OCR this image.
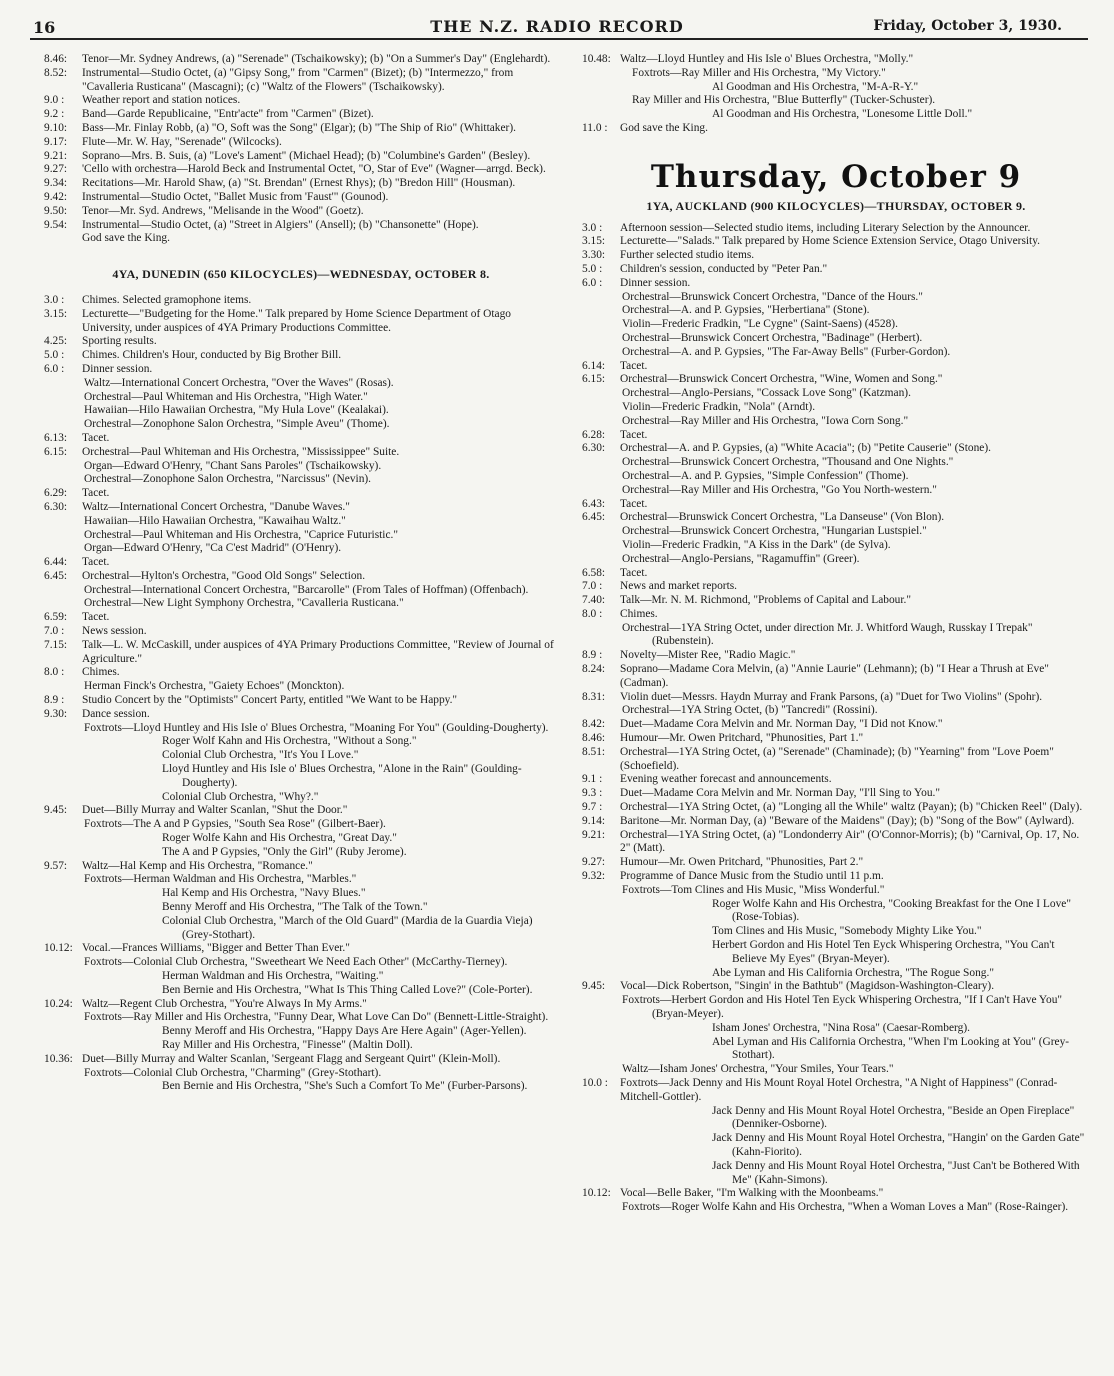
16	THE N.Z. RADIO RECORD	Friday, October 3, 1930.
8.46: Tenor—Mr. Sydney Andrews, (a) "Serenade" (Tschaikowsky); (b) "On a Summer's Day" (Englehardt).
8.52: Instrumental—Studio Octet, (a) "Gipsy Song," from "Carmen" (Bizet); (b) "Intermezzo," from "Cavalleria Rusticana" (Mascagni); (c) "Waltz of the Flowers" (Tschaikowsky).
9.0 : Weather report and station notices.
9.2 : Band—Garde Republicaine, "Entr'acte" from "Carmen" (Bizet).
9.10: Bass—Mr. Finlay Robb, (a) "O, Soft was the Song" (Elgar); (b) "The Ship of Rio" (Whittaker).
9.17: Flute—Mr. W. Hay, "Serenade" (Wilcocks).
9.21: Soprano—Mrs. B. Suis, (a) "Love's Lament" (Michael Head); (b) "Columbine's Garden" (Besley).
9.27: 'Cello with orchestra—Harold Beck and Instrumental Octet, "O, Star of Eve" (Wagner—arrgd. Beck).
9.34: Recitations—Mr. Harold Shaw, (a) "St. Brendan" (Ernest Rhys); (b) "Bredon Hill" (Housman).
9.42: Instrumental—Studio Octet, "Ballet Music from 'Faust'" (Gounod).
9.50: Tenor—Mr. Syd. Andrews, "Melisande in the Wood" (Goetz).
9.54: Instrumental—Studio Octet, (a) "Street in Algiers" (Ansell); (b) "Chansonette" (Hope).
God save the King.
4YA, DUNEDIN (650 KILOCYCLES)—WEDNESDAY, OCTOBER 8.
3.0 : Chimes. Selected gramophone items.
3.15: Lecturette—"Budgeting for the Home." Talk prepared by Home Science Department of Otago University, under auspices of 4YA Primary Productions Committee.
4.25: Sporting results.
5.0 : Chimes. Children's Hour, conducted by Big Brother Bill.
6.0 : Dinner session.
Waltz—International Concert Orchestra, "Over the Waves" (Rosas).
Orchestral—Paul Whiteman and His Orchestra, "High Water."
Hawaiian—Hilo Hawaiian Orchestra, "My Hula Love" (Kealakai).
Orchestral—Zonophone Salon Orchestra, "Simple Aveu" (Thome).
6.13: Tacet.
6.15: Orchestral—Paul Whiteman and His Orchestra, "Mississippee" Suite.
Organ—Edward O'Henry, "Chant Sans Paroles" (Tschaikowsky).
Orchestral—Zonophone Salon Orchestra, "Narcissus" (Nevin).
6.29: Tacet.
6.30: Waltz—International Concert Orchestra, "Danube Waves."
Hawaiian—Hilo Hawaiian Orchestra, "Kawaihau Waltz."
Orchestral—Paul Whiteman and His Orchestra, "Caprice Futuristic."
Organ—Edward O'Henry, "Ca C'est Madrid" (O'Henry).
6.44: Tacet.
6.45: Orchestral—Hylton's Orchestra, "Good Old Songs" Selection.
Orchestral—International Concert Orchestra, "Barcarolle" (From Tales of Hoffman) (Offenbach).
Orchestral—New Light Symphony Orchestra, "Cavalleria Rusticana."
6.59: Tacet.
7.0 : News session.
7.15: Talk—L. W. McCaskill, under auspices of 4YA Primary Productions Committee, "Review of Journal of Agriculture."
8.0 : Chimes.
Herman Finck's Orchestra, "Gaiety Echoes" (Monckton).
8.9 : Studio Concert by the "Optimists" Concert Party, entitled "We Want to be Happy."
9.30: Dance session.
Foxtrots—Lloyd Huntley and His Isle o' Blues Orchestra, "Moaning For You" (Goulding-Dougherty).
Roger Wolf Kahn and His Orchestra, "Without a Song."
Colonial Club Orchestra, "It's You I Love."
Lloyd Huntley and His Isle o' Blues Orchestra, "Alone in the Rain" (Goulding-Dougherty).
Colonial Club Orchestra, "Why?."
9.45: Duet—Billy Murray and Walter Scanlan, "Shut the Door."
Foxtrots—The A and P Gypsies, "South Sea Rose" (Gilbert-Baer).
Roger Wolfe Kahn and His Orchestra, "Great Day."
The A and P Gypsies, "Only the Girl" (Ruby Jerome).
9.57: Waltz—Hal Kemp and His Orchestra, "Romance."
Foxtrots—Herman Waldman and His Orchestra, "Marbles."
Hal Kemp and His Orchestra, "Navy Blues."
Benny Meroff and His Orchestra, "The Talk of the Town."
Colonial Club Orchestra, "March of the Old Guard" (Mardia de la Guardia Vieja) (Grey-Stothart).
10.12: Vocal.—Frances Williams, "Bigger and Better Than Ever."
Foxtrots—Colonial Club Orchestra, "Sweetheart We Need Each Other" (McCarthy-Tierney).
Herman Waldman and His Orchestra, "Waiting."
Ben Bernie and His Orchestra, "What Is This Thing Called Love?" (Cole-Porter).
10.24: Waltz—Regent Club Orchestra, "You're Always In My Arms."
Foxtrots—Ray Miller and His Orchestra, "Funny Dear, What Love Can Do" (Bennett-Little-Straight).
Benny Meroff and His Orchestra, "Happy Days Are Here Again" (Ager-Yellen).
Ray Miller and His Orchestra, "Finesse" (Maltin Doll).
10.36: Duet—Billy Murray and Walter Scanlan, 'Sergeant Flagg and Sergeant Quirt" (Klein-Moll).
Foxtrots—Colonial Club Orchestra, "Charming" (Grey-Stothart).
Ben Bernie and His Orchestra, "She's Such a Comfort To Me" (Furber-Parsons).
10.48: Waltz—Lloyd Huntley and His Isle o' Blues Orchestra, "Molly."
Foxtrots—Ray Miller and His Orchestra, "My Victory."
Al Goodman and His Orchestra, "M-A-R-Y."
Ray Miller and His Orchestra, "Blue Butterfly" (Tucker-Schuster).
Al Goodman and His Orchestra, "Lonesome Little Doll."
11.0 : God save the King.
Thursday, October 9
1YA, AUCKLAND (900 KILOCYCLES)—THURSDAY, OCTOBER 9.
3.0 : Afternoon session—Selected studio items, including Literary Selection by the Announcer.
3.15: Lecturette—"Salads." Talk prepared by Home Science Extension Service, Otago University.
3.30: Further selected studio items.
5.0 : Children's session, conducted by "Peter Pan."
6.0 : Dinner session.
Orchestral—Brunswick Concert Orchestra, "Dance of the Hours."
Orchestral—A. and P. Gypsies, "Herbertiana" (Stone).
Violin—Frederic Fradkin, "Le Cygne" (Saint-Saens) (4528).
Orchestral—Brunswick Concert Orchestra, "Badinage" (Herbert).
Orchestral—A. and P. Gypsies, "The Far-Away Bells" (Furber-Gordon).
6.14: Tacet.
6.15: Orchestral—Brunswick Concert Orchestra, "Wine, Women and Song."
Orchestral—Anglo-Persians, "Cossack Love Song" (Katzman).
Violin—Frederic Fradkin, "Nola" (Arndt).
Orchestral—Ray Miller and His Orchestra, "Iowa Corn Song."
6.28: Tacet.
6.30: Orchestral—A. and P. Gypsies, (a) "White Acacia"; (b) "Petite Causerie" (Stone).
Orchestral—Brunswick Concert Orchestra, "Thousand and One Nights."
Orchestral—A. and P. Gypsies, "Simple Confession" (Thome).
Orchestral—Ray Miller and His Orchestra, "Go You North-western."
6.43: Tacet.
6.45: Orchestral—Brunswick Concert Orchestra, "La Danseuse" (Von Blon).
Orchestral—Brunswick Concert Orchestra, "Hungarian Lustspiel."
Violin—Frederic Fradkin, "A Kiss in the Dark" (de Sylva).
Orchestral—Anglo-Persians, "Ragamuffin" (Greer).
6.58: Tacet.
7.0 : News and market reports.
7.40: Talk—Mr. N. M. Richmond, "Problems of Capital and Labour."
8.0 : Chimes.
Orchestral—1YA String Octet, under direction Mr. J. Whitford Waugh, Russkay I Trepak" (Rubenstein).
8.9 : Novelty—Mister Ree, "Radio Magic."
8.24: Soprano—Madame Cora Melvin, (a) "Annie Laurie" (Lehmann); (b) "I Hear a Thrush at Eve" (Cadman).
8.31: Violin duet—Messrs. Haydn Murray and Frank Parsons, (a) "Duet for Two Violins" (Spohr).
Orchestral—1YA String Octet, (b) "Tancredi" (Rossini).
8.42: Duet—Madame Cora Melvin and Mr. Norman Day, "I Did not Know."
8.46: Humour—Mr. Owen Pritchard, "Phunosities, Part 1."
8.51: Orchestral—1YA String Octet, (a) "Serenade" (Chaminade); (b) "Yearning" from "Love Poem" (Schoefield).
9.1 : Evening weather forecast and announcements.
9.3 : Duet—Madame Cora Melvin and Mr. Norman Day, "I'll Sing to You."
9.7 : Orchestral—1YA String Octet, (a) "Longing all the While" waltz (Payan); (b) "Chicken Reel" (Daly).
9.14: Baritone—Mr. Norman Day, (a) "Beware of the Maidens" (Day); (b) "Song of the Bow" (Aylward).
9.21: Orchestral—1YA String Octet, (a) "Londonderry Air" (O'Connor-Morris); (b) "Carnival, Op. 17, No. 2" (Matt).
9.27: Humour—Mr. Owen Pritchard, "Phunosities, Part 2."
9.32: Programme of Dance Music from the Studio until 11 p.m.
Foxtrots—Tom Clines and His Music, "Miss Wonderful."
Roger Wolfe Kahn and His Orchestra, "Cooking Breakfast for the One I Love" (Rose-Tobias).
Tom Clines and His Music, "Somebody Mighty Like You."
Herbert Gordon and His Hotel Ten Eyck Whispering Orchestra, "You Can't Believe My Eyes" (Bryan-Meyer).
Abe Lyman and His California Orchestra, "The Rogue Song."
9.45: Vocal—Dick Robertson, "Singin' in the Bathtub" (Magidson-Washington-Cleary).
Foxtrots—Herbert Gordon and His Hotel Ten Eyck Whispering Orchestra, "If I Can't Have You" (Bryan-Meyer).
Isham Jones' Orchestra, "Nina Rosa" (Caesar-Romberg).
Abel Lyman and His California Orchestra, "When I'm Looking at You" (Grey-Stothart).
Waltz—Isham Jones' Orchestra, "Your Smiles, Your Tears."
10.0 : Foxtrots—Jack Denny and His Mount Royal Hotel Orchestra, "A Night of Happiness" (Conrad-Mitchell-Gottler).
Jack Denny and His Mount Royal Hotel Orchestra, "Beside an Open Fireplace" (Denniker-Osborne).
Jack Denny and His Mount Royal Hotel Orchestra, "Hangin' on the Garden Gate" (Kahn-Fiorito).
Jack Denny and His Mount Royal Hotel Orchestra, "Just Can't be Bothered With Me" (Kahn-Simons).
10.12: Vocal—Belle Baker, "I'm Walking with the Moonbeams."
Foxtrots—Roger Wolfe Kahn and His Orchestra, "When a Woman Loves a Man" (Rose-Rainger).
